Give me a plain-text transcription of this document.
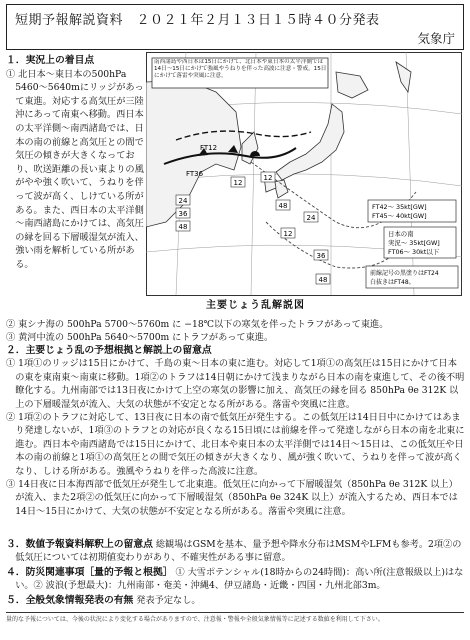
短期予報解説資料　２０２１年２月１３日１５時４０分発表
気象庁
１．実況上の着目点

① 北日本～東日本の500hPa 5460～5640mにリッジがあって東進。対応する高気圧が三陸沖にあって南東へ移動。西日本の太平洋側～南西諸島では、日本の南の前線と高気圧との間で気圧の傾きが大きくなっており、吹送距離の長い東よりの風がやや強く吹いて、うねりを伴って波が高く、しけている所がある。また、西日本の太平洋側～南西諸島にかけては、高気圧の縁を回る下層暖湿気が流入、強い雨を解析している所がある。

南西諸島や西日本は15日にかけて、北日本や東日本の太平洋側では14日～15日にかけて強風やうねりを伴った高波に注意・警戒。15日にかけて落雷や突風に注意。
FT12
FT36
12
12
48
24
36
48
12
24
36
48
FT42～ 35kt[GW]
FT45～ 40kt[GW]
日本の南
実況～ 35kt[GW]
FT06～ 30kt以下
前線記号の黒塗りはFT24
白抜きはFT48。
主要じょう乱解説図

② 東シナ海の 500hPa 5700～5760m に −18℃以下の寒気を伴ったトラフがあって東進。

③ 黄河中流の 500hPa 5640～5700m にトラフがあって東進。

２．主要じょう乱の予想根拠と解説上の留意点

① 1項①のリッジは15日にかけて、千島の東～日本の東に進む。対応して1項①の高気圧は15日にかけて日本の東を東南東～南東に移動。1項②のトラフは14日朝にかけて浅まりながら日本の南を東進して、その後不明瞭化する。九州南部では13日夜にかけて上空の寒気の影響に加え、高気圧の縁を回る 850hPa θe 312K 以上の下層暖湿気が流入、大気の状態が不安定となる所がある。落雷や突風に注意。

② 1項②のトラフに対応して、13日夜に日本の南で低気圧が発生する。この低気圧は14日日中にかけてはあまり発達しないが、1項③のトラフとの対応が良くなる15日頃には前線を伴って発達しながら日本の南を北東に進む。西日本や南西諸島では15日にかけて、北日本や東日本の太平洋側では14日～15日は、この低気圧や日本の南の前線と1項①の高気圧との間で気圧の傾きが大きくなり、風が強く吹いて、うねりを伴って波が高くなり、しける所がある。強風やうねりを伴った高波に注意。

③ 14日夜に日本海西部で低気圧が発生して北東進。低気圧に向かって下層暖湿気（850hPa θe 312K 以上）が流入、また2項②の低気圧に向かって下層暖湿気（850hPa θe 324K 以上）が流入するため、西日本では14日～15日にかけて、大気の状態が不安定となる所がある。落雷や突風に注意。

３．数値予報資料解釈上の留意点 総観場はGSMを基本、量予想や降水分布はMSMやLFMも参考。2項②の低気圧については初期値変わりがあり、不確実性がある事に留意。

４．防災関連事項［量的予報と根拠］ ① 大雪ポテンシャル(18時からの24時間)：高い所(注意報級以上)はない。② 波浪(予想最大)：九州南部・奄美・沖縄4、伊豆諸島・近畿・四国・九州北部3m。

５．全般気象情報発表の有無 発表予定なし。

量的な予報については、今後の状況により変化する場合がありますので、注意報・警報や全般気象情報等に記述する数値を利用して下さい。
